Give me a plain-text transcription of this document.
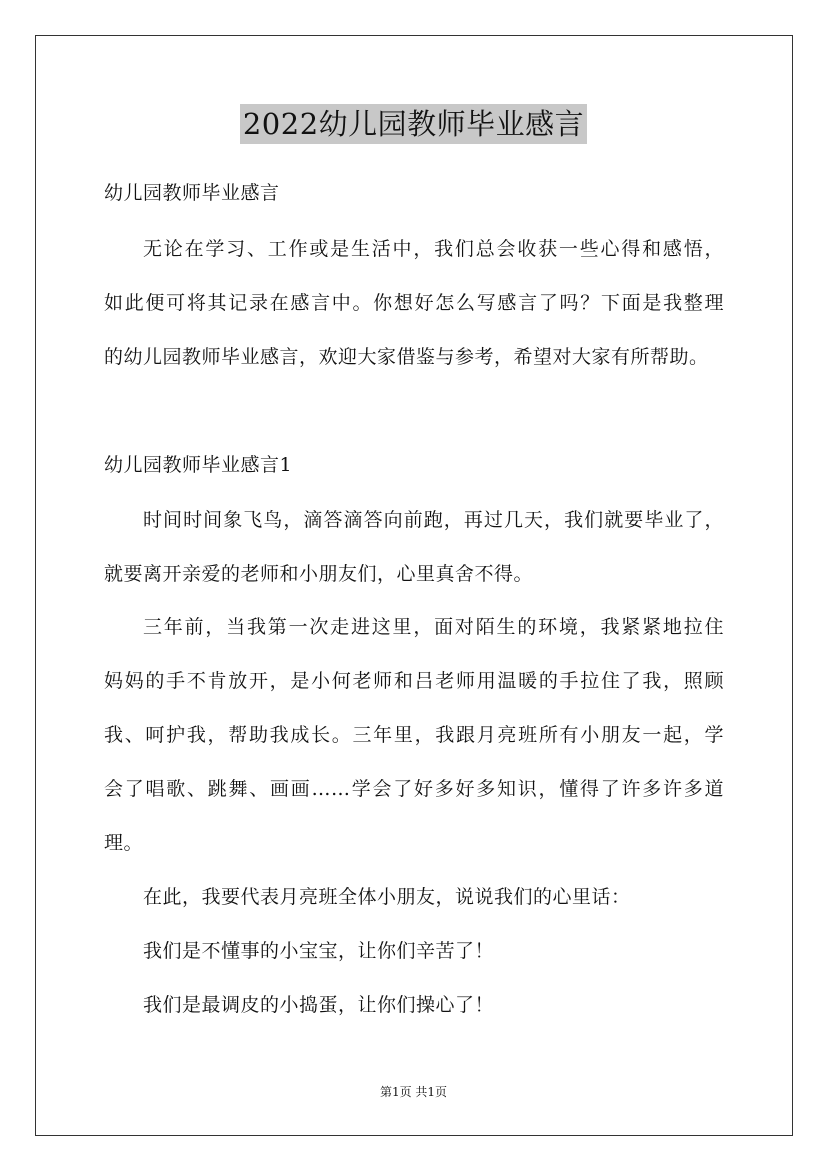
2022幼儿园教师毕业感言
幼儿园教师毕业感言
无论在学习、工作或是生活中，我们总会收获一些心得和感悟，
如此便可将其记录在感言中。你想好怎么写感言了吗？下面是我整理
的幼儿园教师毕业感言，欢迎大家借鉴与参考，希望对大家有所帮助。
幼儿园教师毕业感言1
时间时间象飞鸟，滴答滴答向前跑，再过几天，我们就要毕业了，
就要离开亲爱的老师和小朋友们，心里真舍不得。
三年前，当我第一次走进这里，面对陌生的环境，我紧紧地拉住
妈妈的手不肯放开，是小何老师和吕老师用温暖的手拉住了我，照顾
我、呵护我，帮助我成长。三年里，我跟月亮班所有小朋友一起，学
会了唱歌、跳舞、画画……学会了好多好多知识，懂得了许多许多道
理。
在此，我要代表月亮班全体小朋友，说说我们的心里话：
我们是不懂事的小宝宝，让你们辛苦了！
我们是最调皮的小捣蛋，让你们操心了！
第1页 共1页
